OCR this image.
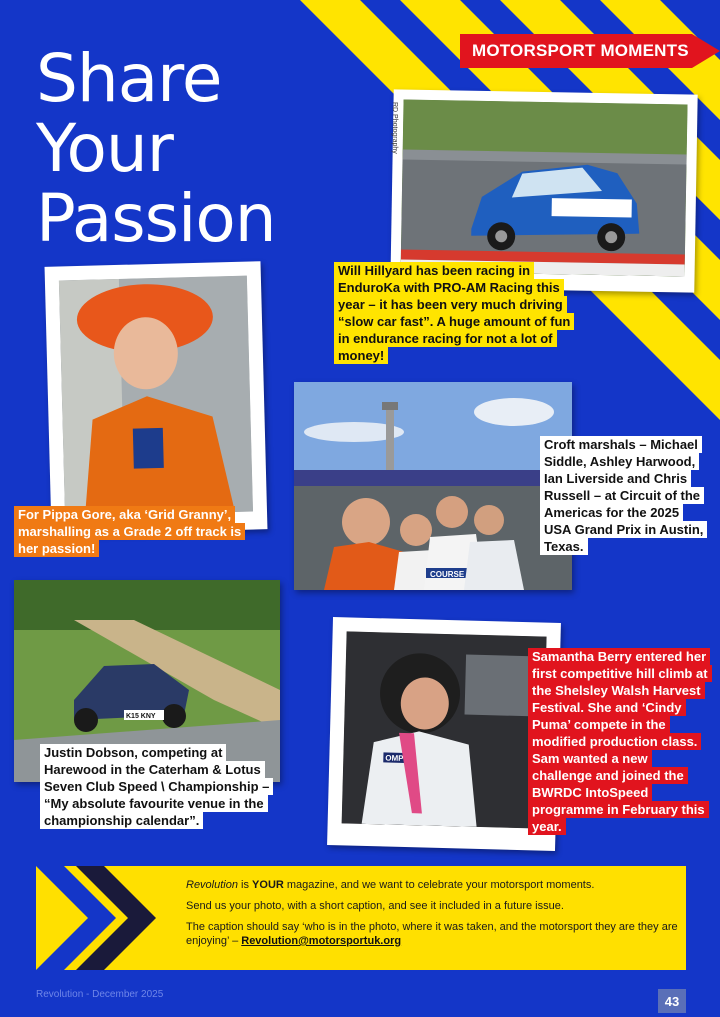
MOTORSPORT MOMENTS
Share
Your
Passion
RD Photography
Will Hillyard has been racing in EnduroKa with PRO-AM Racing this year – it has been very much driving “slow car fast”. A huge amount of fun in endurance racing for not a lot of money!
For Pippa Gore, aka ‘Grid Granny’, marshalling as a Grade 2 off track is her passion!
COURSE
Croft marshals – Michael Siddle, Ashley Harwood, Ian Liverside and Chris Russell – at Circuit of the Americas for the 2025 USA Grand Prix in Austin, Texas.
K15 KNY
Justin Dobson, competing at Harewood in the Caterham & Lotus Seven Club Speed \ Championship – “My absolute favourite venue in the championship calendar”.
OMP
Samantha Berry entered her first competitive hill climb at the Shelsley Walsh Harvest Festival. She and ‘Cindy Puma’ compete in the modified production class. Sam wanted a new challenge and joined the BWRDC IntoSpeed programme in February this year.

Revolution is YOUR magazine, and we want to celebrate your motorsport moments.

Send us your photo, with a short caption, and see it included in a future issue.

The caption should say ‘who is in the photo, where it was taken, and the motorsport they are they are enjoying’ – Revolution@motorsportuk.org

Revolution - December 2025	43
